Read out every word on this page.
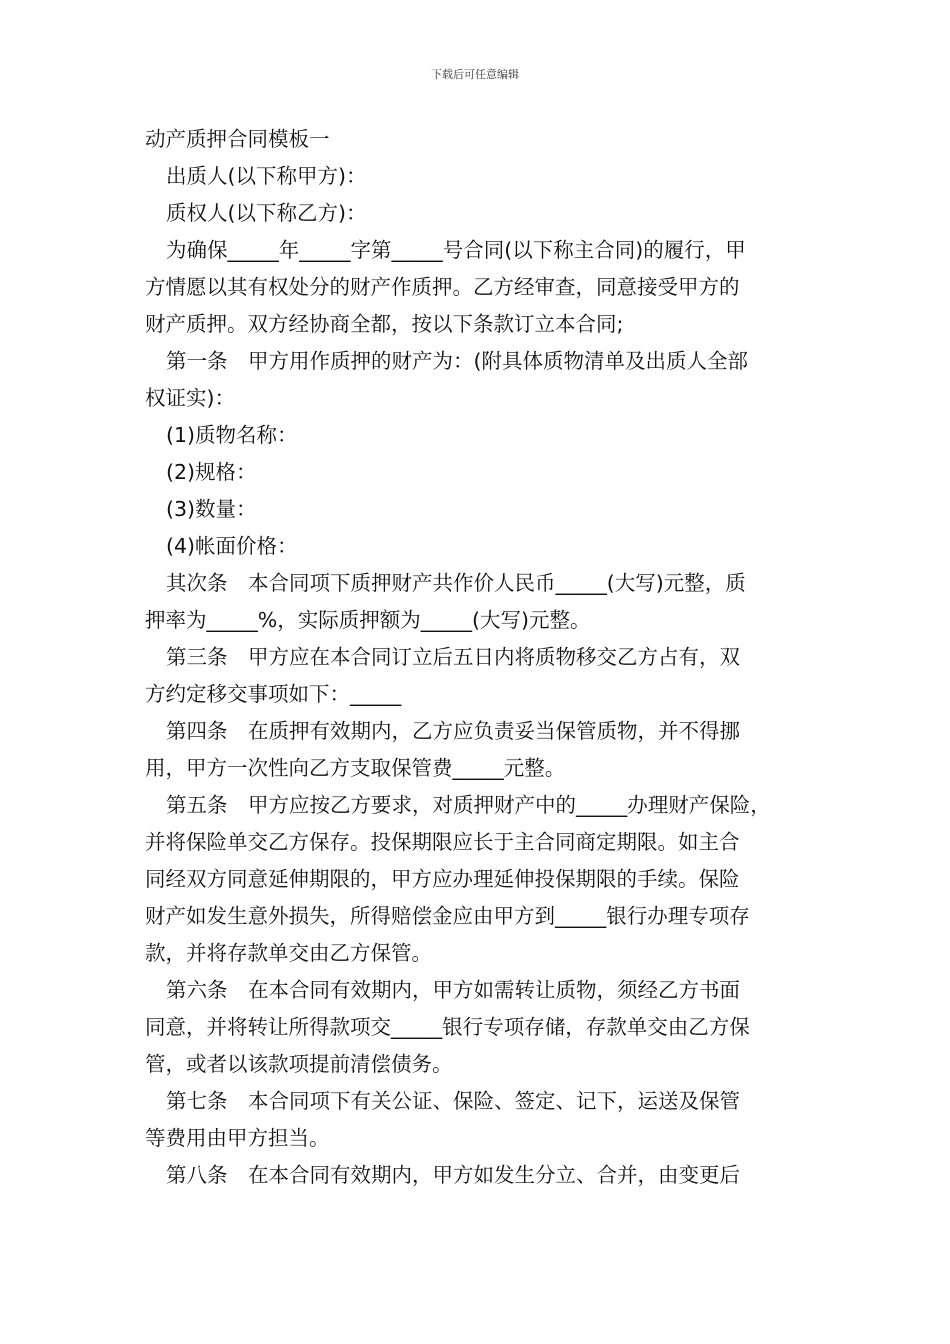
下载后可任意编辑
动产质押合同模板一
出质人(以下称甲方)：
质权人(以下称乙方)：
为确保_____年_____字第_____号合同(以下称主合同)的履行，甲
方情愿以其有权处分的财产作质押。乙方经审查，同意接受甲方的
财产质押。双方经协商全都，按以下条款订立本合同;
第一条　甲方用作质押的财产为：(附具体质物清单及出质人全部
权证实)：
(1)质物名称：
(2)规格：
(3)数量：
(4)帐面价格：
其次条　本合同项下质押财产共作价人民币_____(大写)元整，质
押率为_____%，实际质押额为_____(大写)元整。
第三条　甲方应在本合同订立后五日内将质物移交乙方占有，双
方约定移交事项如下：_____
第四条　在质押有效期内，乙方应负责妥当保管质物，并不得挪
用，甲方一次性向乙方支取保管费_____元整。
第五条　甲方应按乙方要求，对质押财产中的_____办理财产保险，
并将保险单交乙方保存。投保期限应长于主合同商定期限。如主合
同经双方同意延伸期限的，甲方应办理延伸投保期限的手续。保险
财产如发生意外损失，所得赔偿金应由甲方到_____银行办理专项存
款，并将存款单交由乙方保管。
第六条　在本合同有效期内，甲方如需转让质物，须经乙方书面
同意，并将转让所得款项交_____银行专项存储，存款单交由乙方保
管，或者以该款项提前清偿债务。
第七条　本合同项下有关公证、保险、签定、记下，运送及保管
等费用由甲方担当。
第八条　在本合同有效期内，甲方如发生分立、合并，由变更后
